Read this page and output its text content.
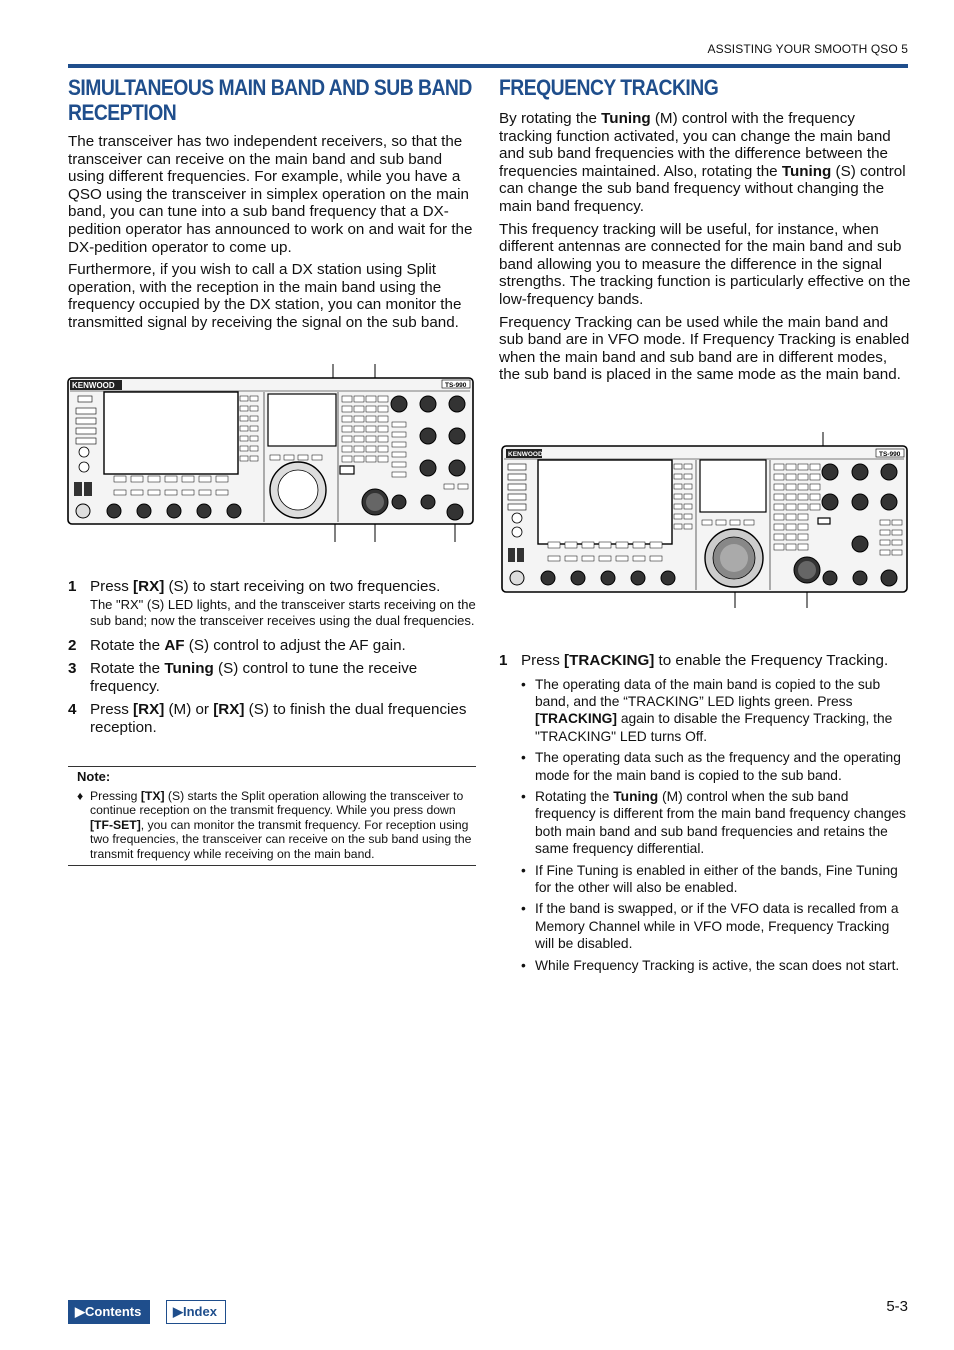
ASSISTING YOUR SMOOTH QSO 5
SIMULTANEOUS MAIN BAND AND SUB BAND RECEPTION

The transceiver has two independent receivers, so that the transceiver can receive on the main band and sub band using different frequencies. For example, while you have a QSO using the transceiver in simplex operation on the main band, you can tune into a sub band frequency that a DX-pedition operator has announced to work on and wait for the DX-pedition operator to come up.

Furthermore, if you wish to call a DX station using Split operation, with the reception in the main band using the frequency occupied by the DX station, you can monitor the transmitted signal by receiving the signal on the sub band.

KENWOOD	TS-990
1 Press [RX] (S) to start receiving on two frequencies.
The "RX" (S) LED lights, and the transceiver starts receiving on the sub band; now the transceiver receives using the dual frequencies.
2 Rotate the AF (S) control to adjust the AF gain.
3 Rotate the Tuning (S) control to tune the receive frequency.
4 Press [RX] (M) or [RX] (S) to finish the dual frequencies reception.
Note:
♦ Pressing [TX] (S) starts the Split operation allowing the transceiver to continue reception on the transmit frequency. While you press down [TF-SET], you can monitor the transmit frequency. For reception using two frequencies, the transceiver can receive on the sub band using the transmit frequency while receiving on the main band.
FREQUENCY TRACKING

By rotating the Tuning (M) control with the frequency tracking function activated, you can change the main band and sub band frequencies with the difference between the frequencies maintained. Also, rotating the Tuning (S) control can change the sub band frequency without changing the main band frequency.

This frequency tracking will be useful, for instance, when different antennas are connected for the main band and sub band allowing you to measure the difference in the signal strengths. The tracking function is particularly effective on the low-frequency bands.

Frequency Tracking can be used while the main band and sub band are in VFO mode. If Frequency Tracking is enabled when the main band and sub band are in different modes, the sub band is placed in the same mode as the main band.

KENWOOD	TS-990
1 Press [TRACKING] to enable the Frequency Tracking.
• The operating data of the main band is copied to the sub band, and the “TRACKING” LED lights green. Press [TRACKING] again to disable the Frequency Tracking, the "TRACKING" LED turns Off.
• The operating data such as the frequency and the operating mode for the main band is copied to the sub band.
• Rotating the Tuning (M) control when the sub band frequency is different from the main band frequency changes both main band and sub band frequencies and retains the same frequency differential.
• If Fine Tuning is enabled in either of the bands, Fine Tuning for the other will also be enabled.
• If the band is swapped, or if the VFO data is recalled from a Memory Channel while in VFO mode, Frequency Tracking will be disabled.
• While Frequency Tracking is active, the scan does not start.
▶Contents	▶Index	5-3
